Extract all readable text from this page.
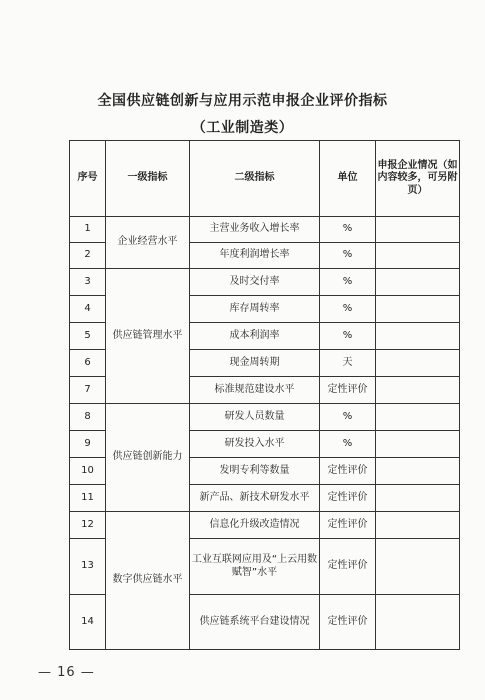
全国供应链创新与应用示范申报企业评价指标
（工业制造类）
序号	一级指标	二级指标	单位	申报企业情况（如内容较多，可另附页）
1	企业经营水平	主营业务收入增长率	%	
2		年度利润增长率	%	
3	供应链管理水平	及时交付率	%	
4		库存周转率	%	
5		成本利润率	%	
6		现金周转期	天	
7		标准规范建设水平	定性评价	
8	供应链创新能力	研发人员数量	%	
9		研发投入水平	%	
10		发明专利等数量	定性评价	
11		新产品、新技术研发水平	定性评价	
12	数字供应链水平	信息化升级改造情况	定性评价	
13		工业互联网应用及“上云用数赋智”水平	定性评价	
14		供应链系统平台建设情况	定性评价	
— 16 —
